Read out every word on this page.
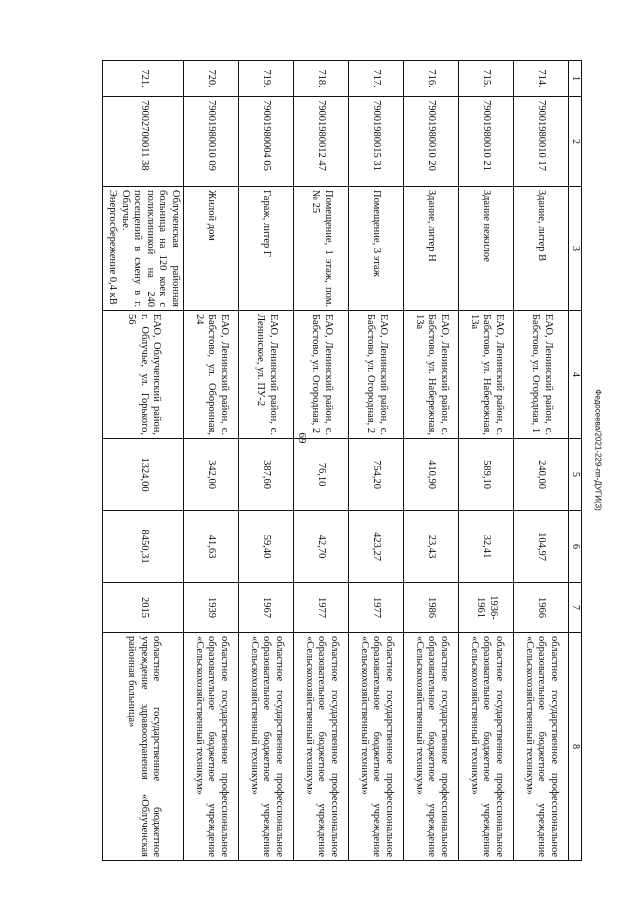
69
1	2	3	4	5	6	7	8
714.	79001980010 17	Здание, литер В	ЕАО, Ленинский район, с. Бабстово, ул. Огородная, 1	240,00	104,97	1966	областное государственное профессиональное образовательное бюджетное учреждение «Сельскохозяйственный техникум»
715.	79001980010 21	Здание нежилое	ЕАО, Ленинский район, с. Бабстово, ул. Набережная, 13а	589,10	32,41	1936-1961	областное государственное профессиональное образовательное бюджетное учреждение «Сельскохозяйственный техникум»
716.	79001980010 20	Здание, литер Н	ЕАО, Ленинский район, с. Бабстово, ул. Набережная, 13а	410,90	23,43	1986	областное государственное профессиональное образовательное бюджетное учреждение «Сельскохозяйственный техникум»
717.	79001980015 31	Помещение, 3 этаж	ЕАО, Ленинский район, с. Бабстово, ул. Огородная, 2	754,20	423,27	1977	областное государственное профессиональное образовательное бюджетное учреждение «Сельскохозяйственный техникум»
718.	79001980012 47	Помещение, 1 этаж, пом. № 25	ЕАО, Ленинский район, с. Бабстово, ул. Огородная, 2	76,10	42,70	1977	областное государственное профессиональное образовательное бюджетное учреждение «Сельскохозяйственный техникум»
719.	79001980004 05	Гараж, литер Г	ЕАО, Ленинский район, с. Ленинское, ул. ПУ-2	387,60	59,40	1967	областное государственное профессиональное образовательное бюджетное учреждение «Сельскохозяйственный техникум»
720.	79001980010 09	Жилой дом	ЕАО, Ленинский район, с. Бабстово, ул. Оборонная, 24	342,00	41,63	1939	областное государственное профессиональное образовательное бюджетное учреждение «Сельскохозяйственный техникум»
721.	79002700011 38	Облученская районная больница на 120 коек с поликлиникой на 240 посещений в смену в г. Облучье. Энергосбережение 0,4 кВ	ЕАО, Облученский район, г. Облучье, ул. Горького, 56	1324,00	8450,31	2015	областное государственное бюджетное учреждение здравоохранения «Облученская районная больница»
Федосеева/2021-229-пп-ДУГИ(3)
